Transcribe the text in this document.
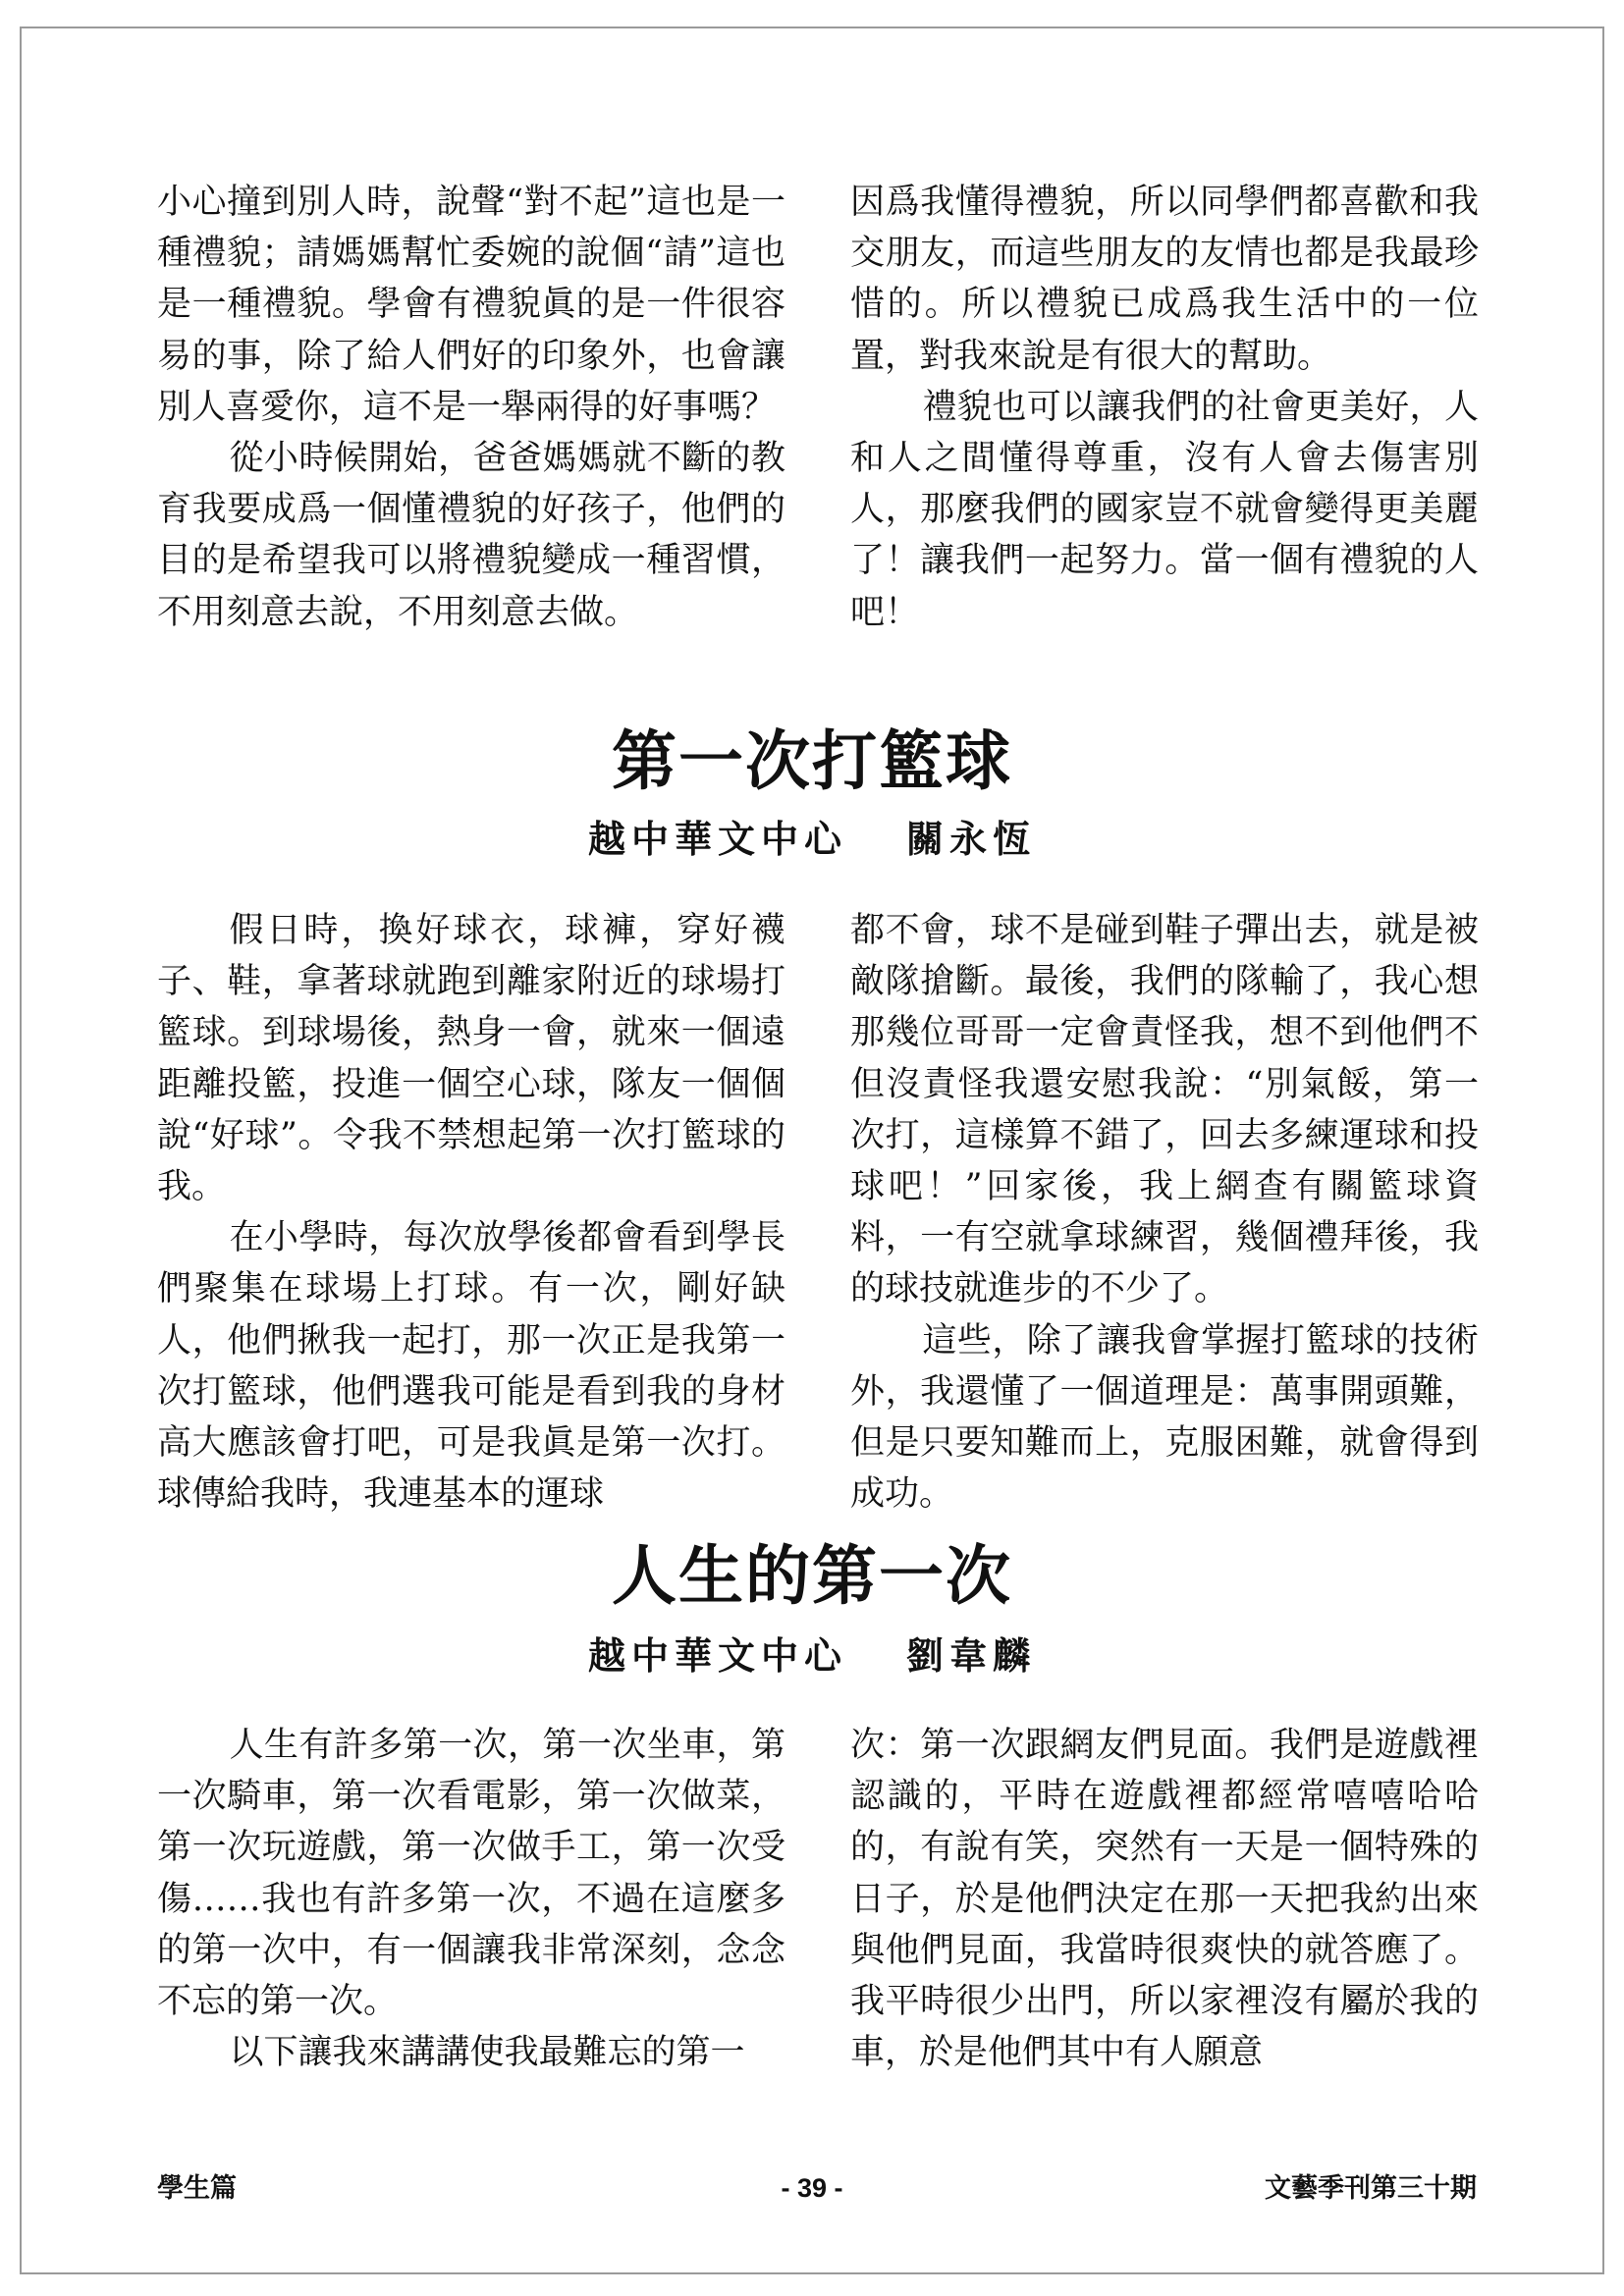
小心撞到別人時，說聲“對不起”這也是一種禮貌；請媽媽幫忙委婉的說個“請”這也是一種禮貌。學會有禮貌眞的是一件很容易的事，除了給人們好的印象外，也會讓別人喜愛你，這不是一舉兩得的好事嗎？

從小時候開始，爸爸媽媽就不斷的教育我要成爲一個懂禮貌的好孩子，他們的目的是希望我可以將禮貌變成一種習慣，不用刻意去說，不用刻意去做。

因爲我懂得禮貌，所以同學們都喜歡和我交朋友，而這些朋友的友情也都是我最珍惜的。所以禮貌已成爲我生活中的一位置，對我來說是有很大的幫助。

禮貌也可以讓我們的社會更美好，人和人之間懂得尊重，沒有人會去傷害別人，那麼我們的國家豈不就會變得更美麗了！讓我們一起努力。當一個有禮貌的人吧！

第一次打籃球
越中華文中心 關永恆

假日時，換好球衣，球褲，穿好襪子、鞋，拿著球就跑到離家附近的球場打籃球。到球場後，熱身一會，就來一個遠距離投籃，投進一個空心球，隊友一個個說“好球”。令我不禁想起第一次打籃球的我。

在小學時，每次放學後都會看到學長們聚集在球場上打球。有一次，剛好缺人，他們揪我一起打，那一次正是我第一次打籃球，他們選我可能是看到我的身材高大應該會打吧，可是我眞是第一次打。球傳給我時，我連基本的運球

都不會，球不是碰到鞋子彈出去，就是被敵隊搶斷。最後，我們的隊輸了，我心想那幾位哥哥一定會責怪我，想不到他們不但沒責怪我還安慰我說：“別氣餒，第一次打，這樣算不錯了，回去多練運球和投球吧！”回家後，我上網查有關籃球資料，一有空就拿球練習，幾個禮拜後，我的球技就進步的不少了。

這些，除了讓我會掌握打籃球的技術外，我還懂了一個道理是：萬事開頭難，但是只要知難而上，克服困難，就會得到成功。

人生的第一次
越中華文中心 劉韋麟

人生有許多第一次，第一次坐車，第一次騎車，第一次看電影，第一次做菜，第一次玩遊戲，第一次做手工，第一次受傷……我也有許多第一次，不過在這麼多的第一次中，有一個讓我非常深刻，念念不忘的第一次。

以下讓我來講講使我最難忘的第一

次：第一次跟網友們見面。我們是遊戲裡認識的，平時在遊戲裡都經常嘻嘻哈哈的，有說有笑，突然有一天是一個特殊的日子，於是他們決定在那一天把我約出來與他們見面，我當時很爽快的就答應了。我平時很少出門，所以家裡沒有屬於我的車，於是他們其中有人願意

學生篇	- 39 -	文藝季刊第三十期
